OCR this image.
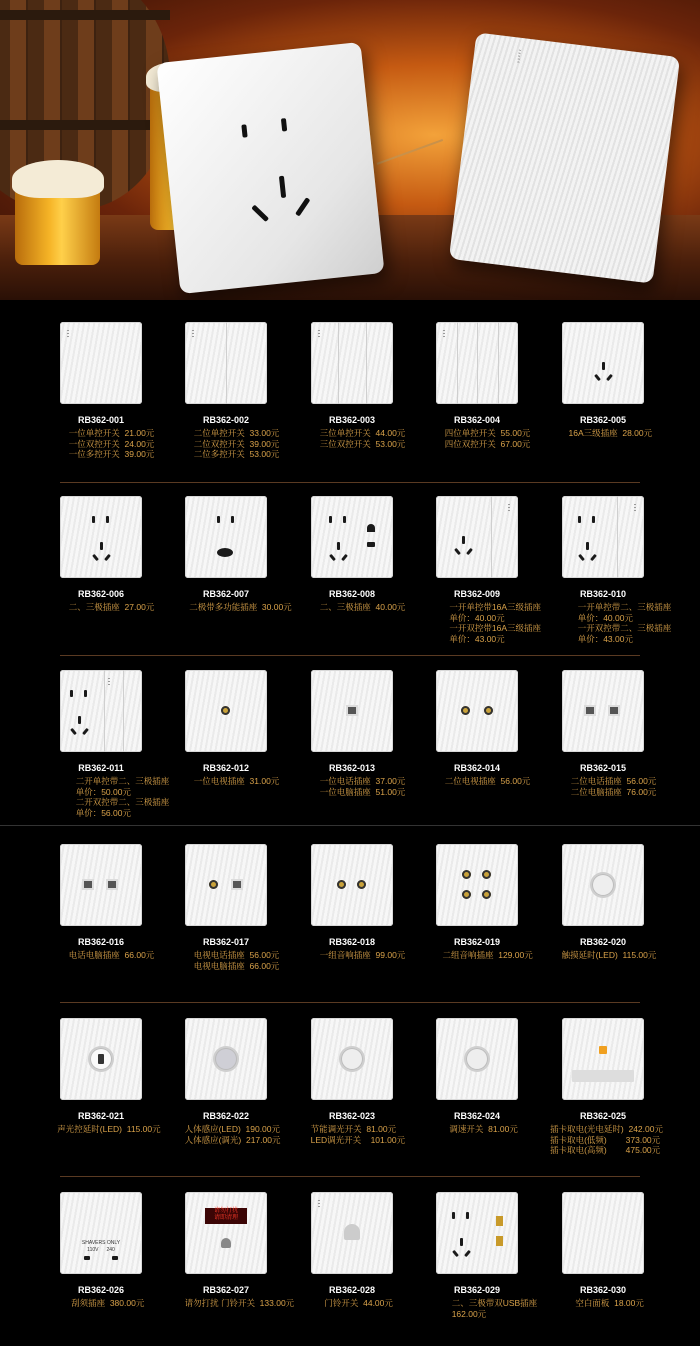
RB362-001
一位单控开关  21.00元
一位双控开关  24.00元
一位多控开关  39.00元
RB362-002
二位单控开关  33.00元
二位双控开关  39.00元
二位多控开关  53.00元
RB362-003
三位单控开关  44.00元
三位双控开关  53.00元
RB362-004
四位单控开关  55.00元
四位双控开关  67.00元
RB362-005
16A三级插座  28.00元
RB362-006
二、三极插座  27.00元
RB362-007
二极带多功能插座  30.00元
RB362-008
二、三极插座  40.00元
RB362-009
一开单控带16A三级插座
单价：40.00元
一开双控带16A三级插座
单价：43.00元
RB362-010
一开单控带二、三极插座
单价：40.00元
一开双控带二、三极插座
单价：43.00元
RB362-011
二开单控带二、三极插座
单价：50.00元
二开双控带二、三极插座
单价：56.00元
RB362-012
一位电视插座  31.00元
RB362-013
一位电话插座  37.00元
一位电脑插座  51.00元
RB362-014
二位电视插座  56.00元
RB362-015
二位电话插座  56.00元
二位电脑插座  76.00元
RB362-016
电话电脑插座  66.00元
RB362-017
电视电话插座  56.00元
电视电脑插座  66.00元
RB362-018
一组音响插座  99.00元
RB362-019
二组音响插座  129.00元
RB362-020
触摸延时(LED)  115.00元
RB362-021
声光控延时(LED)  115.00元
RB362-022
人体感应(LED)  190.00元
人体感应(调光)  217.00元
RB362-023
节能调光开关  81.00元
LED调光开关    101.00元
RB362-024
调速开关  81.00元
RB362-025
插卡取电(光电延时)  242.00元
插卡取电(低频)        373.00元
插卡取电(高频)        475.00元
SHAVERS ONLY
110V 240
RB362-026
刮须插座  380.00元
请勿打扰
请即清理
RB362-027
请勿打扰 门铃开关  133.00元
RB362-028
门铃开关  44.00元
RB362-029
二、三极带双USB插座
162.00元
RB362-030
空白面板  18.00元
